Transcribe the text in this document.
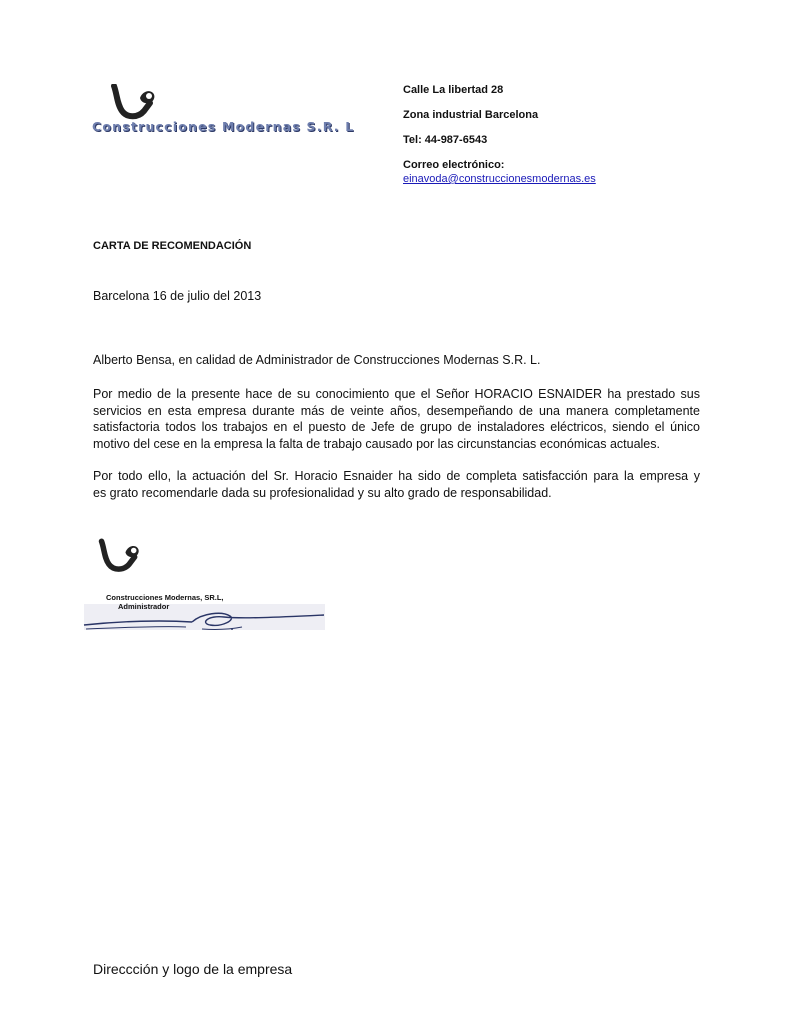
Construcciones Modernas S.R. L
Calle La libertad 28
Zona industrial Barcelona
Tel: 44-987-6543
Correo electrónico:
einavoda@construccionesmodernas.es
CARTA DE RECOMENDACIÓN
Barcelona 16 de julio del 2013
Alberto Bensa, en calidad de Administrador de Construcciones Modernas S.R. L.
Por medio de la presente hace de su conocimiento que el Señor HORACIO ESNAIDER ha prestado sus
servicios en esta empresa durante más de veinte años, desempeñando de una manera completamente
satisfactoria todos los trabajos en el puesto de Jefe de grupo de instaladores eléctricos, siendo el único
motivo del cese en la empresa la falta de trabajo causado por las circunstancias económicas actuales.
Por todo ello, la actuación del Sr. Horacio Esnaider ha sido de completa satisfacción para la empresa y
es grato recomendarle dada su profesionalidad y su alto grado de responsabilidad.
Construcciones Modernas, SR.L,
Administrador
Direccción y logo de la empresa
